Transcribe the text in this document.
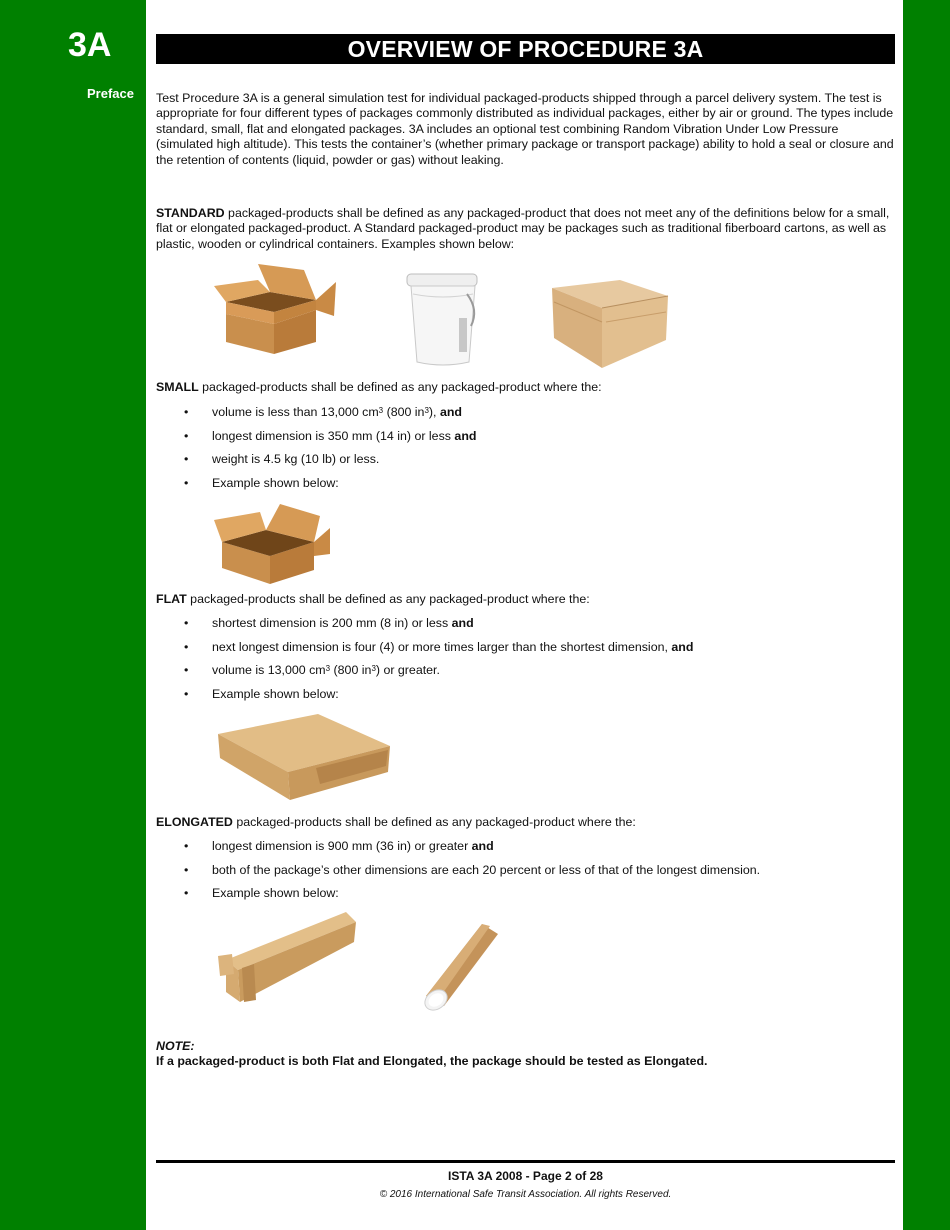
3A
Preface
OVERVIEW OF PROCEDURE 3A

Test Procedure 3A is a general simulation test for individual packaged-products shipped through a parcel delivery system. The test is appropriate for four different types of packages commonly distributed as individual packages, either by air or ground. The types include standard, small, flat and elongated packages. 3A includes an optional test combining Random Vibration Under Low Pressure (simulated high altitude). This tests the container’s (whether primary package or transport package) ability to hold a seal or closure and the retention of contents (liquid, powder or gas) without leaking.

STANDARD packaged-products shall be defined as any packaged-product that does not meet any of the definitions below for a small, flat or elongated packaged-product. A Standard packaged-product may be packages such as traditional fiberboard cartons, as well as plastic, wooden or cylindrical containers. Examples shown below:

SMALL packaged-products shall be defined as any packaged-product where the:

• volume is less than 13,000 $cm^3$ (800 $in^3$), and
• longest dimension is 350 mm (14 in) or less and
• weight is 4.5 kg (10 lb) or less.
• Example shown below:

FLAT packaged-products shall be defined as any packaged-product where the:

• shortest dimension is 200 mm (8 in) or less and
• next longest dimension is four (4) or more times larger than the shortest dimension, and
• volume is 13,000 $cm^3$ (800 $in^3$) or greater.
• Example shown below:

ELONGATED packaged-products shall be defined as any packaged-product where the:

• longest dimension is 900 mm (36 in) or greater and
• both of the package’s other dimensions are each 20 percent or less of that of the longest dimension.
• Example shown below:

NOTE:

If a packaged-product is both Flat and Elongated, the package should be tested as Elongated.

ISTA 3A 2008 - Page 2 of 28
© 2016 International Safe Transit Association. All rights Reserved.
